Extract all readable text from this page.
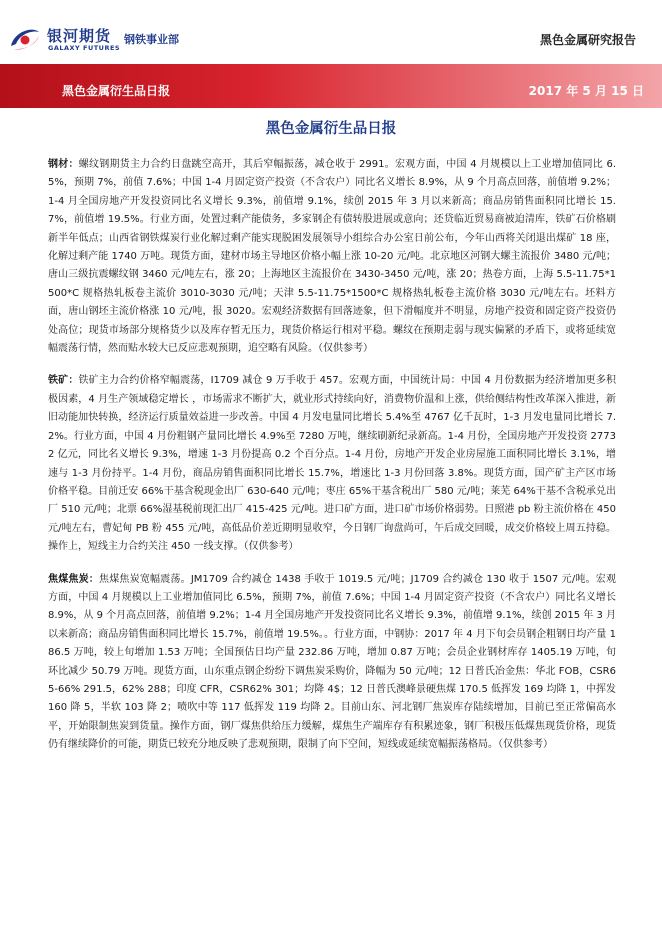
银河期货
GALAXY FUTURES
钢铁事业部	黑色金属研究报告
黑色金属衍生品日报	2017 年 5 月 15 日
黑色金属衍生品日报

钢材：螺纹钢期货主力合约日盘跳空高开，其后窄幅振荡，减仓收于 2991。宏观方面，中国 4 月规模以上工业增加值同比 6.5%，预期 7%，前值 7.6%；中国 1-4 月固定资产投资（不含农户）同比名义增长 8.9%，从 9 个月高点回落，前值增 9.2%；1-4 月全国房地产开发投资同比名义增长 9.3%，前值增 9.1%，续创 2015 年 3 月以来新高；商品房销售面积同比增长 15.7%，前值增 19.5%。行业方面，处置过剩产能债务，多家钢企有债转股进展或意向；还贷临近贸易商被迫清库，铁矿石价格刷新半年低点；山西省钢铁煤炭行业化解过剩产能实现脱困发展领导小组综合办公室日前公布，今年山西将关闭退出煤矿 18 座，化解过剩产能 1740 万吨。现货方面，建材市场主导地区价格小幅上涨 10-20 元/吨。北京地区河钢大螺主流报价 3480 元/吨；唐山三级抗震螺纹钢 3460 元/吨左右，涨 20；上海地区主流报价在 3430-3450 元/吨，涨 20；热卷方面，上海 5.5-11.75*1500*C 规格热轧板卷主流价 3010-3030 元/吨；天津 5.5-11.75*1500*C 规格热轧板卷主流价格 3030 元/吨左右。坯料方面，唐山钢坯主流价格涨 10 元/吨，报 3020。宏观经济数据有回落迹象，但下滑幅度并不明显，房地产投资和固定资产投资仍处高位；现货市场部分规格货少以及库存暂无压力，现货价格运行相对平稳。螺纹在预期走弱与现实偏紧的矛盾下，或将延续宽幅震荡行情，然而贴水较大已反应悲观预期，追空略有风险。（仅供参考）

铁矿：铁矿主力合约价格窄幅震荡，I1709 减仓 9 万手收于 457。宏观方面，中国统计局：中国 4 月份数据为经济增加更多积极因素，4 月生产领域稳定增长 ，市场需求不断扩大，就业形式持续向好，消费物价温和上涨，供给侧结构性改革深入推进，新旧动能加快转换，经济运行质量效益进一步改善。中国 4 月发电量同比增长 5.4%至 4767 亿千瓦时，1-3 月发电量同比增长 7.2%。行业方面，中国 4 月份粗钢产量同比增长 4.9%至 7280 万吨，继续刷新纪录新高。1-4 月份，全国房地产开发投资 27732 亿元，同比名义增长 9.3%，增速 1-3 月份提高 0.2 个百分点。1-4 月份，房地产开发企业房屋施工面积同比增长 3.1%，增速与 1-3 月份持平。1-4 月份，商品房销售面积同比增长 15.7%，增速比 1-3 月份回落 3.8%。现货方面，国产矿主产区市场价格平稳。目前迁安 66%干基含税现金出厂 630-640 元/吨；枣庄 65%干基含税出厂 580 元/吨；莱芜 64%干基不含税承兑出厂 510 元/吨；北票 66%湿基税前现汇出厂 415-425 元/吨。进口矿方面，进口矿市场价格弱势。日照港 pb 粉主流价格在 450 元/吨左右，曹妃甸 PB 粉 455 元/吨，高低品价差近期明显收窄，今日钢厂询盘尚可，午后成交回暖，成交价格较上周五持稳。操作上，短线主力合约关注 450 一线支撑。（仅供参考）

焦煤焦炭：焦煤焦炭宽幅震荡。JM1709 合约减仓 1438 手收于 1019.5 元/吨；J1709 合约减仓 130 收于 1507 元/吨。宏观方面，中国 4 月规模以上工业增加值同比 6.5%，预期 7%，前值 7.6%；中国 1-4 月固定资产投资（不含农户）同比名义增长 8.9%，从 9 个月高点回落，前值增 9.2%；1-4 月全国房地产开发投资同比名义增长 9.3%，前值增 9.1%，续创 2015 年 3 月以来新高；商品房销售面积同比增长 15.7%，前值增 19.5%。。行业方面，中钢协：2017 年 4 月下旬会员钢企粗钢日均产量 186.5 万吨，较上旬增加 1.53 万吨；全国预估日均产量 232.86 万吨，增加 0.87 万吨；会员企业钢材库存 1405.19 万吨，旬环比减少 50.79 万吨。现货方面，山东重点钢企纷纷下调焦炭采购价，降幅为 50 元/吨；12 日普氏冶金焦：华北 FOB，CSR65-66% 291.5，62% 288；印度 CFR，CSR62% 301；均降 4$；12 日普氏澳峰景硬焦煤 170.5 低挥发 169 均降 1，中挥发 160 降 5，半软 103 降 2；喷吹中等 117 低挥发 119 均降 2。目前山东、河北钢厂焦炭库存陆续增加，目前已至正常偏高水平，开始限制焦炭到货量。操作方面，钢厂煤焦供给压力缓解，煤焦生产端库存有积累迹象，钢厂积极压低煤焦现货价格，现货仍有继续降价的可能，期货已较充分地反映了悲观预期，限制了向下空间，短线或延续宽幅振荡格局。（仅供参考）
